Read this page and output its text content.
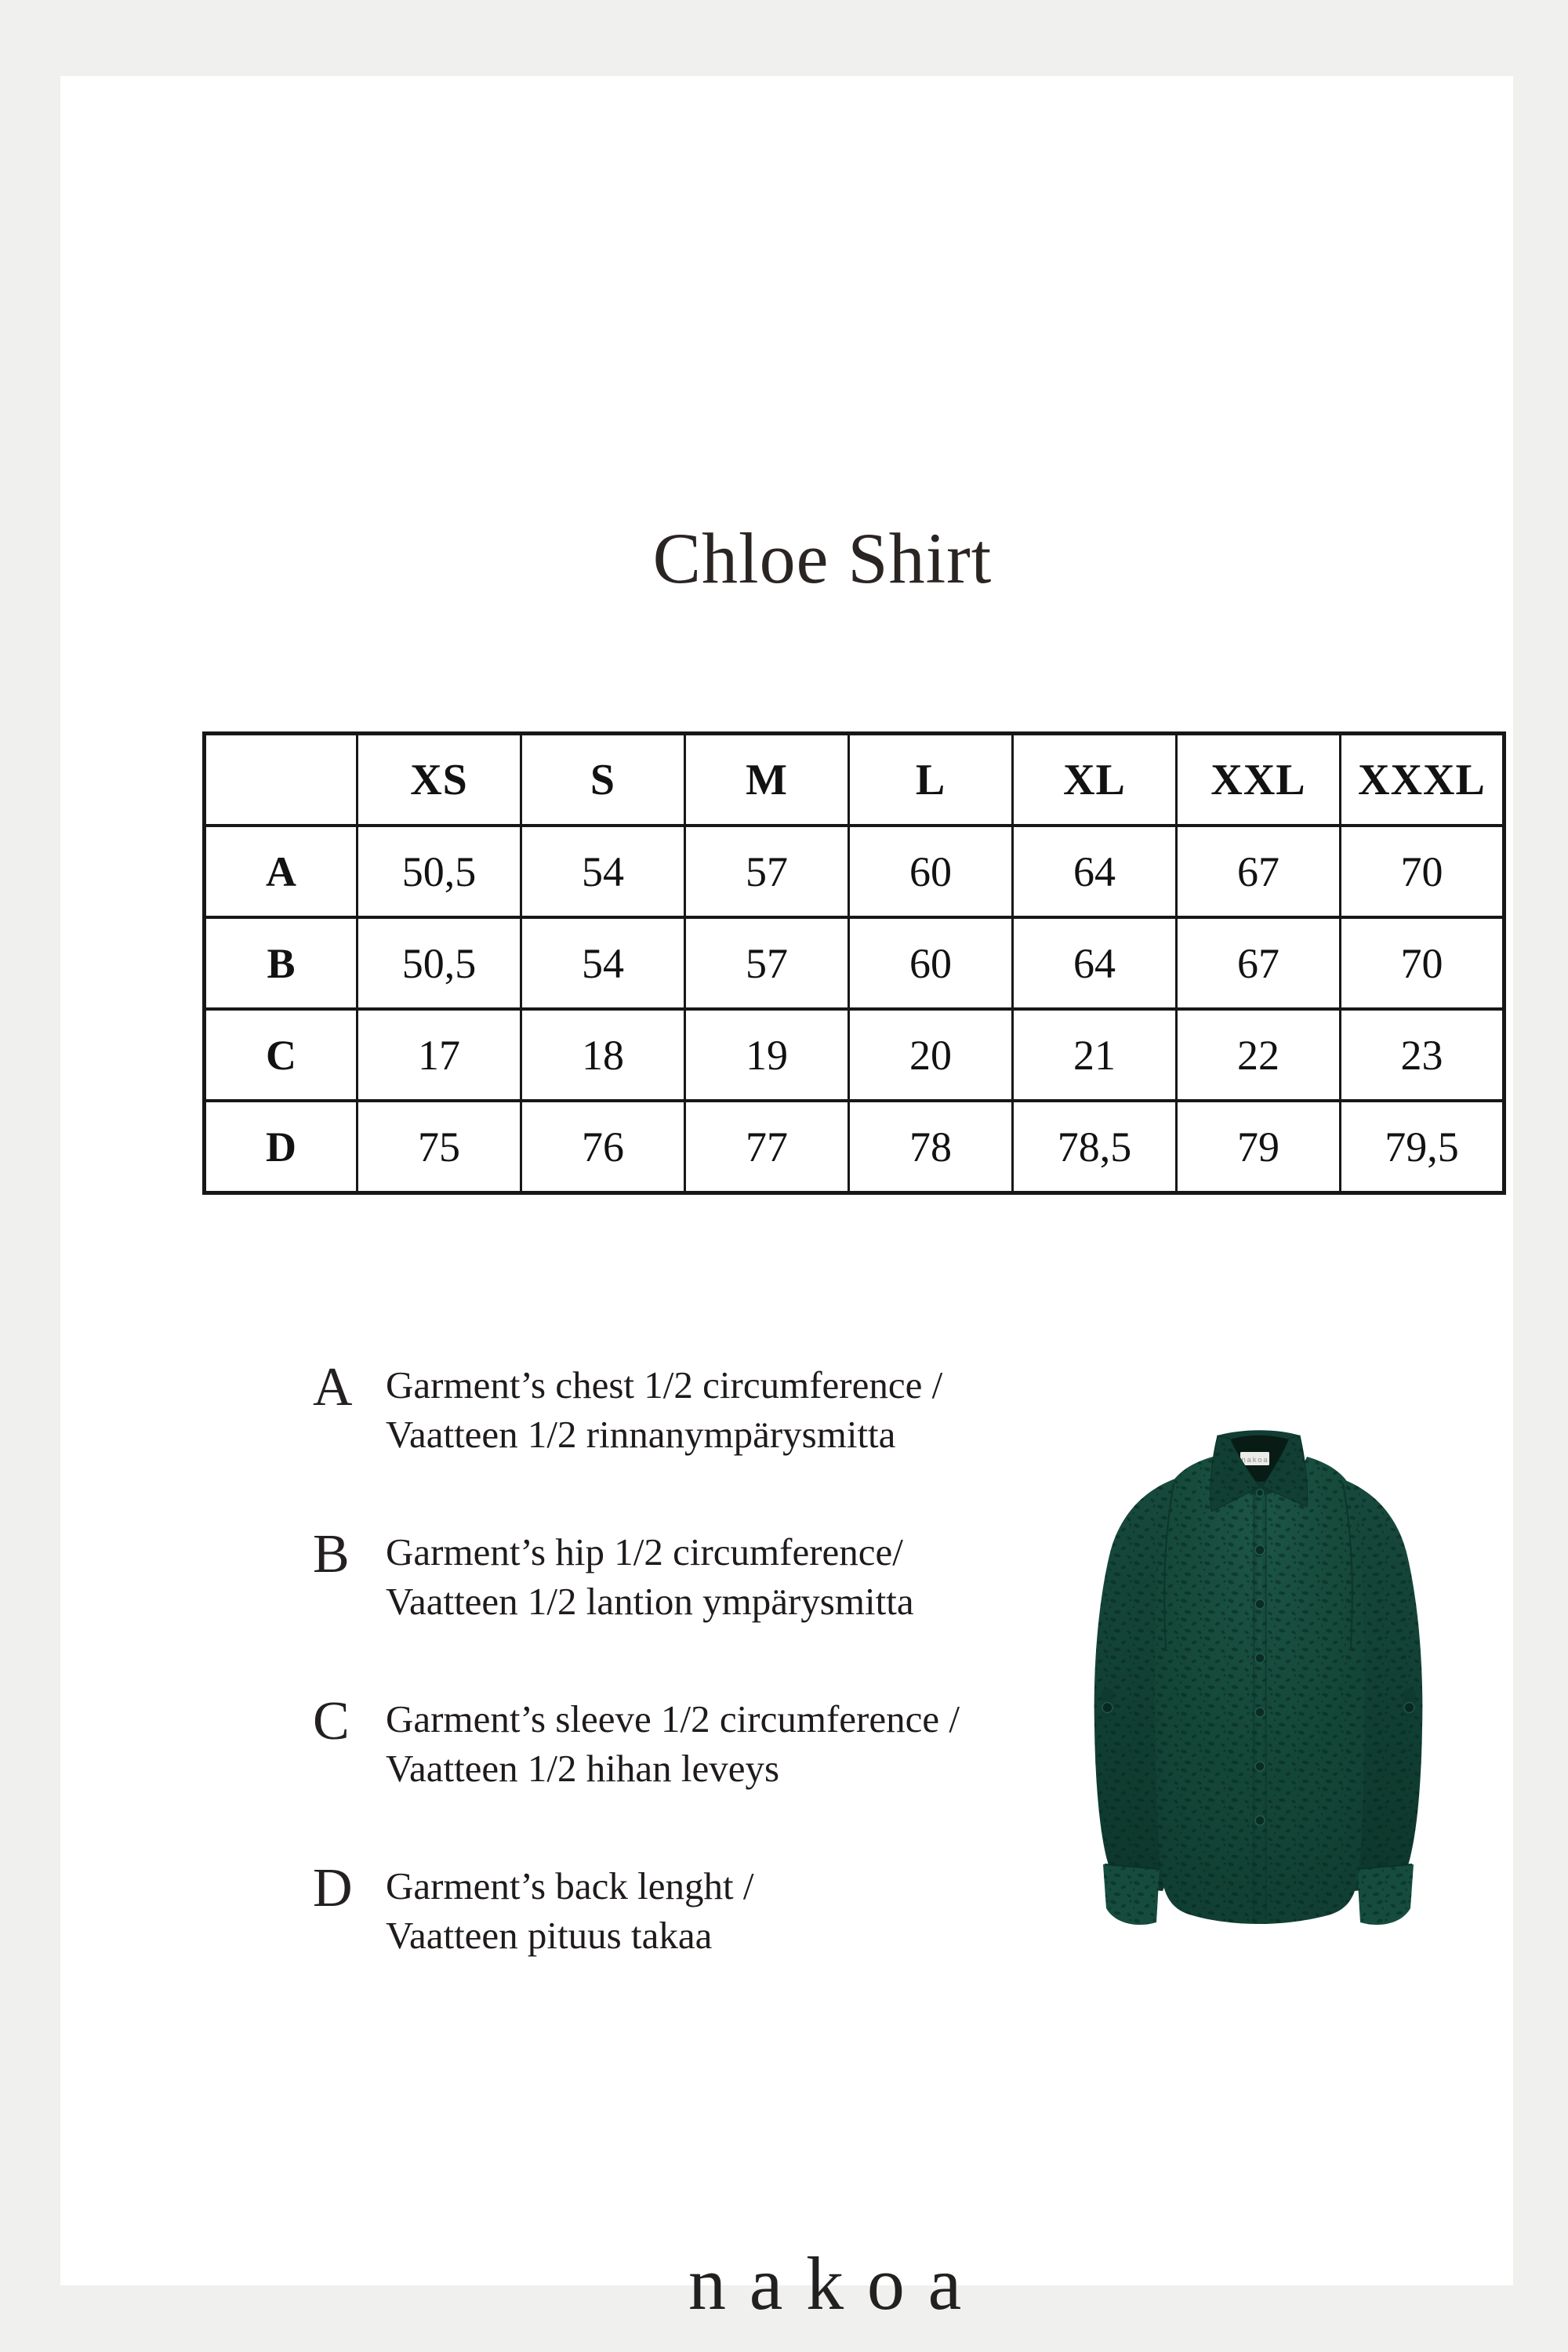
Chloe Shirt
	XS	S	M	L	XL	XXL	XXXL
A	50,5	54	57	60	64	67	70
B	50,5	54	57	60	64	67	70
C	17	18	19	20	21	22	23
D	75	76	77	78	78,5	79	79,5
A Garment’s chest 1/2 circumference /
Vaatteen 1/2 rinnanympärysmitta
B Garment’s hip 1/2 circumference/
Vaatteen 1/2 lantion ympärysmitta
C Garment’s sleeve 1/2 circumference /
Vaatteen 1/2 hihan leveys
D Garment’s back lenght /
Vaatteen pituus takaa
nakoa
nakoa
